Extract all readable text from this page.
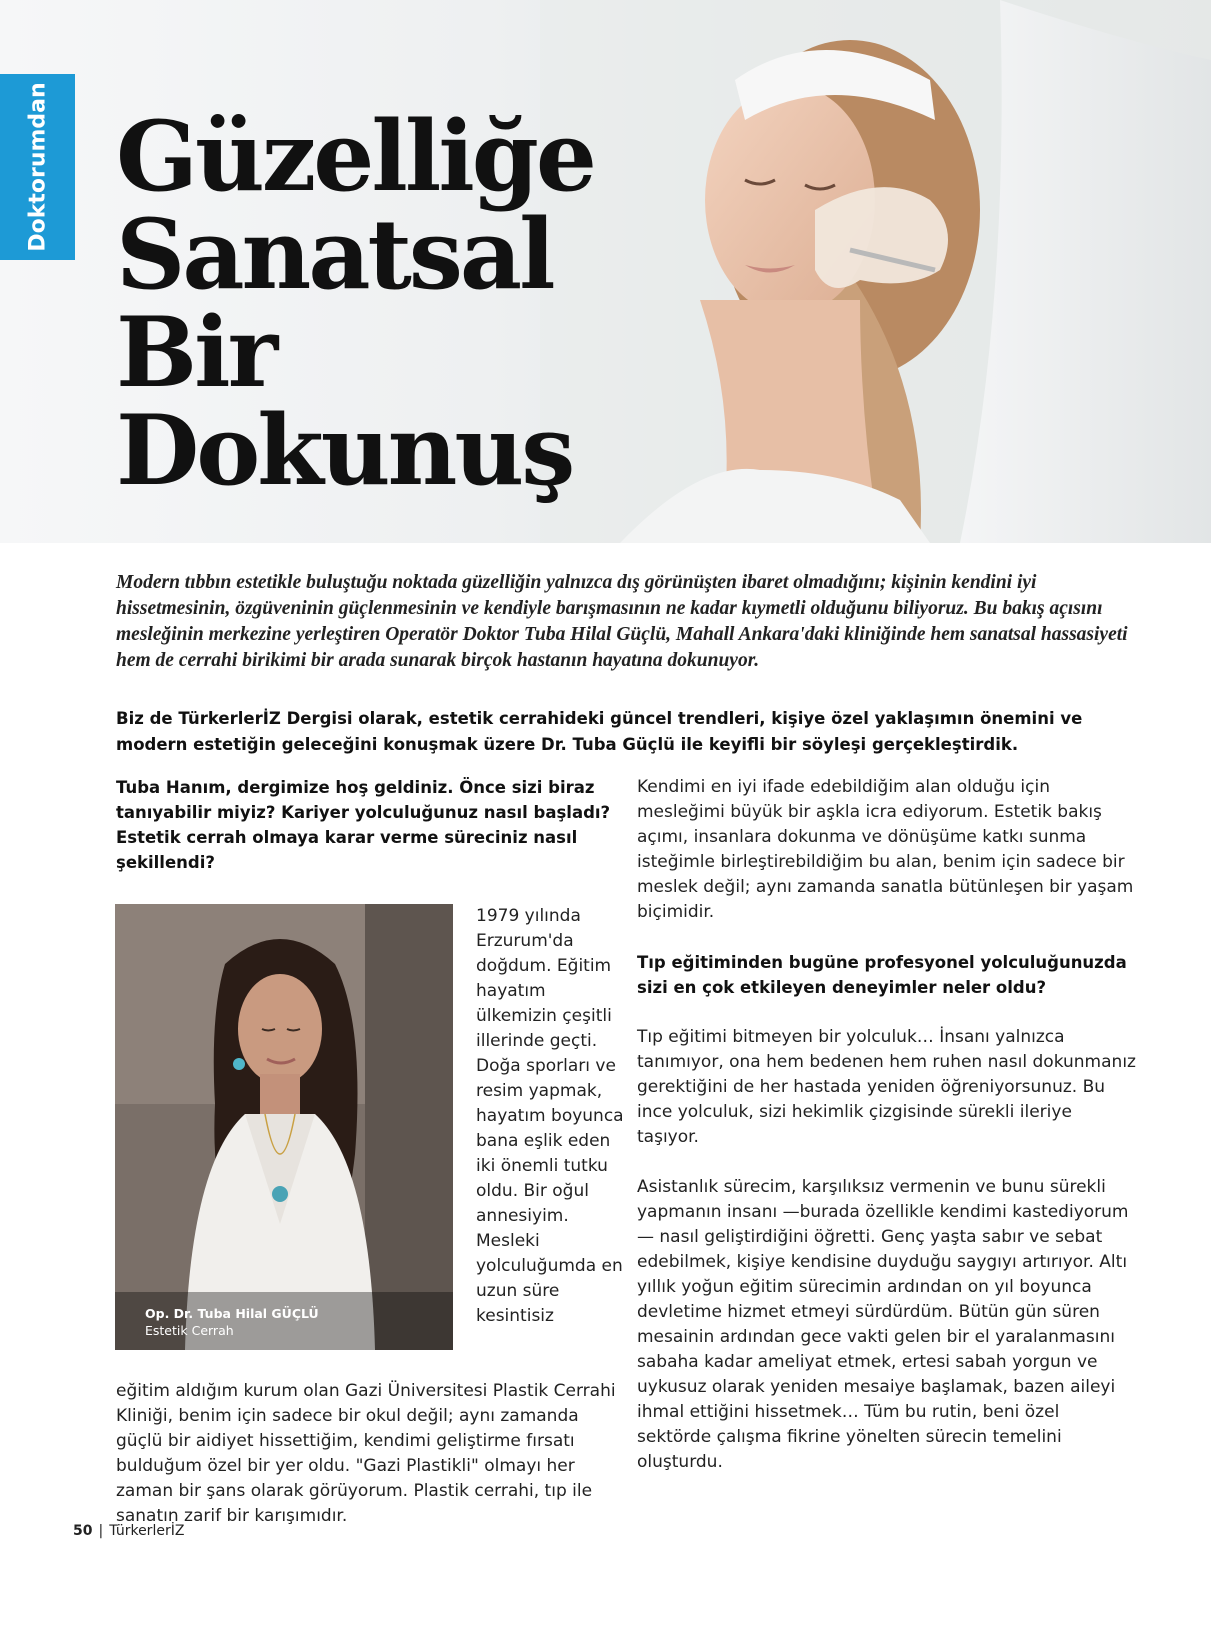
Doktorumdan Güzelliğe
Sanatsal
Bir
Dokunuş

Modern tıbbın estetikle buluştuğu noktada güzelliğin yalnızca dış görünüşten ibaret olmadığını; kişinin kendini iyi hissetmesinin, özgüveninin güçlenmesinin ve kendiyle barışmasının ne kadar kıymetli olduğunu biliyoruz. Bu bakış açısını mesleğinin merkezine yerleştiren Operatör Doktor Tuba Hilal Güçlü, Mahall Ankara'daki kliniğinde hem sanatsal hassasiyeti hem de cerrahi birikimi bir arada sunarak birçok hastanın hayatına dokunuyor.

Biz de TürkerlerİZ Dergisi olarak, estetik cerrahideki güncel trendleri, kişiye özel yaklaşımın önemini ve modern estetiğin geleceğini konuşmak üzere Dr. Tuba Güçlü ile keyifli bir söyleşi gerçekleştirdik.

Tuba Hanım, dergimize hoş geldiniz. Önce sizi biraz tanıyabilir miyiz? Kariyer yolculuğunuz nasıl başladı? Estetik cerrah olmaya karar verme süreciniz nasıl şekillendi?

Op. Dr. Tuba Hilal GÜÇLÜ
Estetik Cerrah

1979 yılında Erzurum'da doğdum. Eğitim hayatım ülkemizin çeşitli illerinde geçti. Doğa sporları ve resim yapmak, hayatım boyunca bana eşlik eden iki önemli tutku oldu. Bir oğul annesiyim. Mesleki yolculuğumda en uzun süre kesintisiz

eğitim aldığım kurum olan Gazi Üniversitesi Plastik Cerrahi Kliniği, benim için sadece bir okul değil; aynı zamanda güçlü bir aidiyet hissettiğim, kendimi geliştirme fırsatı bulduğum özel bir yer oldu. "Gazi Plastikli" olmayı her zaman bir şans olarak görüyorum. Plastik cerrahi, tıp ile sanatın zarif bir karışımıdır.

Kendimi en iyi ifade edebildiğim alan olduğu için mesleğimi büyük bir aşkla icra ediyorum. Estetik bakış açımı, insanlara dokunma ve dönüşüme katkı sunma isteğimle birleştirebildiğim bu alan, benim için sadece bir meslek değil; aynı zamanda sanatla bütünleşen bir yaşam biçimidir.

Tıp eğitiminden bugüne profesyonel yolculuğunuzda sizi en çok etkileyen deneyimler neler oldu?

Tıp eğitimi bitmeyen bir yolculuk… İnsanı yalnızca tanımıyor, ona hem bedenen hem ruhen nasıl dokunmanız gerektiğini de her hastada yeniden öğreniyorsunuz. Bu ince yolculuk, sizi hekimlik çizgisinde sürekli ileriye taşıyor.

Asistanlık sürecim, karşılıksız vermenin ve bunu sürekli yapmanın insanı —burada özellikle kendimi kastediyorum— nasıl geliştirdiğini öğretti. Genç yaşta sabır ve sebat edebilmek, kişiye kendisine duyduğu saygıyı artırıyor. Altı yıllık yoğun eğitim sürecimin ardından on yıl boyunca devletime hizmet etmeyi sürdürdüm. Bütün gün süren mesainin ardından gece vakti gelen bir el yaralanmasını sabaha kadar ameliyat etmek, ertesi sabah yorgun ve uykusuz olarak yeniden mesaiye başlamak, bazen aileyi ihmal ettiğini hissetmek… Tüm bu rutin, beni özel sektörde çalışma fikrine yönelten sürecin temelini oluşturdu.

50 | TürkerlerİZ
